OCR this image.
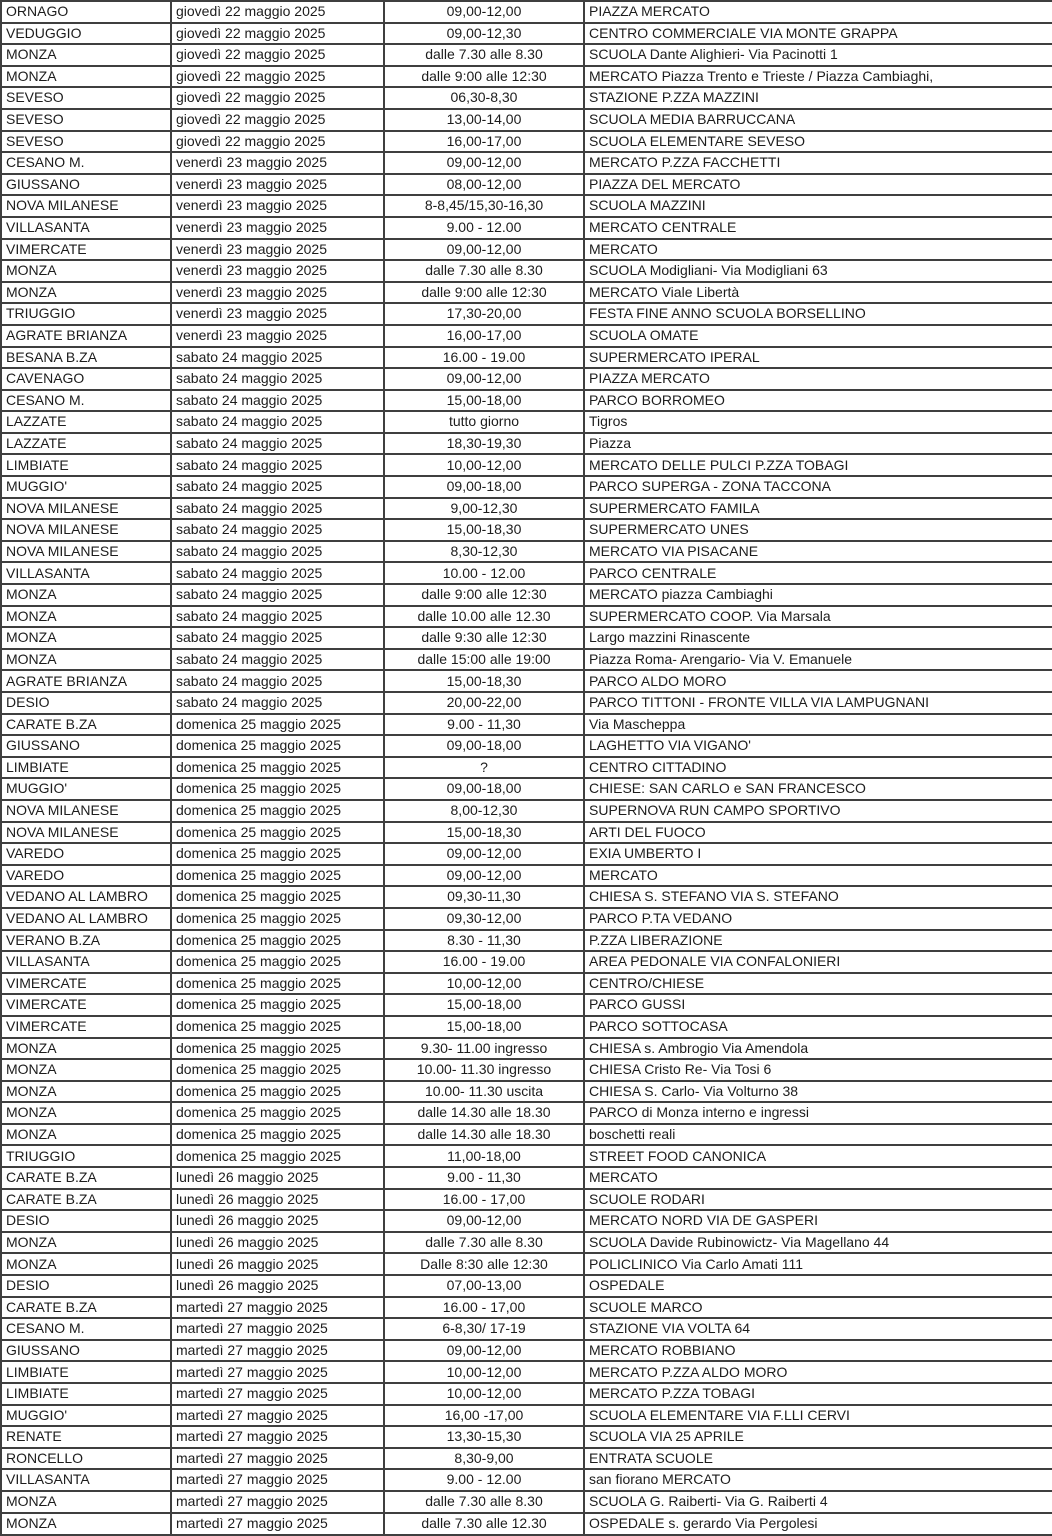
ORNAGO	giovedì 22 maggio 2025	09,00-12,00	PIAZZA MERCATO
VEDUGGIO	giovedì 22 maggio 2025	09,00-12,30	CENTRO COMMERCIALE VIA MONTE GRAPPA
MONZA	giovedì 22 maggio 2025	dalle 7.30 alle 8.30	SCUOLA Dante Alighieri- Via Pacinotti 1
MONZA	giovedì 22 maggio 2025	dalle 9:00 alle 12:30	MERCATO Piazza Trento e Trieste / Piazza Cambiaghi,
SEVESO	giovedì 22 maggio 2025	06,30-8,30	STAZIONE P.ZZA MAZZINI
SEVESO	giovedì 22 maggio 2025	13,00-14,00	SCUOLA MEDIA BARRUCCANA
SEVESO	giovedì 22 maggio 2025	16,00-17,00	SCUOLA ELEMENTARE SEVESO
CESANO M.	venerdì 23 maggio 2025	09,00-12,00	MERCATO P.ZZA FACCHETTI
GIUSSANO	venerdì 23 maggio 2025	08,00-12,00	PIAZZA DEL MERCATO
NOVA MILANESE	venerdì 23 maggio 2025	8-8,45/15,30-16,30	SCUOLA MAZZINI
VILLASANTA	venerdì 23 maggio 2025	9.00 - 12.00	MERCATO CENTRALE
VIMERCATE	venerdì 23 maggio 2025	09,00-12,00	MERCATO
MONZA	venerdì 23 maggio 2025	dalle 7.30 alle 8.30	SCUOLA Modigliani- Via Modigliani 63
MONZA	venerdì 23 maggio 2025	dalle 9:00 alle 12:30	MERCATO Viale Libertà
TRIUGGIO	venerdì 23 maggio 2025	17,30-20,00	FESTA FINE ANNO SCUOLA BORSELLINO
AGRATE BRIANZA	venerdì 23 maggio 2025	16,00-17,00	SCUOLA OMATE
BESANA B.ZA	sabato 24 maggio 2025	16.00 - 19.00	SUPERMERCATO IPERAL
CAVENAGO	sabato 24 maggio 2025	09,00-12,00	PIAZZA MERCATO
CESANO M.	sabato 24 maggio 2025	15,00-18,00	PARCO BORROMEO
LAZZATE	sabato 24 maggio 2025	tutto giorno	Tigros
LAZZATE	sabato 24 maggio 2025	18,30-19,30	Piazza
LIMBIATE	sabato 24 maggio 2025	10,00-12,00	MERCATO DELLE PULCI P.ZZA TOBAGI
MUGGIO'	sabato 24 maggio 2025	09,00-18,00	PARCO SUPERGA - ZONA TACCONA
NOVA MILANESE	sabato 24 maggio 2025	9,00-12,30	SUPERMERCATO FAMILA
NOVA MILANESE	sabato 24 maggio 2025	15,00-18,30	SUPERMERCATO UNES
NOVA MILANESE	sabato 24 maggio 2025	8,30-12,30	MERCATO VIA PISACANE
VILLASANTA	sabato 24 maggio 2025	10.00 - 12.00	PARCO CENTRALE
MONZA	sabato 24 maggio 2025	dalle 9:00 alle 12:30	MERCATO piazza Cambiaghi
MONZA	sabato 24 maggio 2025	dalle 10.00 alle 12.30	SUPERMERCATO COOP. Via Marsala
MONZA	sabato 24 maggio 2025	dalle 9:30 alle 12:30	Largo mazzini Rinascente
MONZA	sabato 24 maggio 2025	dalle 15:00 alle 19:00	Piazza Roma- Arengario- Via V. Emanuele
AGRATE BRIANZA	sabato 24 maggio 2025	15,00-18,30	PARCO ALDO MORO
DESIO	sabato 24 maggio 2025	20,00-22,00	PARCO TITTONI - FRONTE VILLA VIA LAMPUGNANI
CARATE B.ZA	domenica 25 maggio 2025	9.00 - 11,30	Via Mascheppa
GIUSSANO	domenica 25 maggio 2025	09,00-18,00	LAGHETTO VIA VIGANO'
LIMBIATE	domenica 25 maggio 2025	?	CENTRO CITTADINO
MUGGIO'	domenica 25 maggio 2025	09,00-18,00	CHIESE: SAN CARLO e SAN FRANCESCO
NOVA MILANESE	domenica 25 maggio 2025	8,00-12,30	SUPERNOVA RUN CAMPO SPORTIVO
NOVA MILANESE	domenica 25 maggio 2025	15,00-18,30	ARTI DEL FUOCO
VAREDO	domenica 25 maggio 2025	09,00-12,00	EXIA UMBERTO I
VAREDO	domenica 25 maggio 2025	09,00-12,00	MERCATO
VEDANO AL LAMBRO	domenica 25 maggio 2025	09,30-11,30	CHIESA S. STEFANO VIA S. STEFANO
VEDANO AL LAMBRO	domenica 25 maggio 2025	09,30-12,00	PARCO P.TA VEDANO
VERANO B.ZA	domenica 25 maggio 2025	8.30 - 11,30	P.ZZA LIBERAZIONE
VILLASANTA	domenica 25 maggio 2025	16.00 - 19.00	AREA PEDONALE VIA CONFALONIERI
VIMERCATE	domenica 25 maggio 2025	10,00-12,00	CENTRO/CHIESE
VIMERCATE	domenica 25 maggio 2025	15,00-18,00	PARCO GUSSI
VIMERCATE	domenica 25 maggio 2025	15,00-18,00	PARCO SOTTOCASA
MONZA	domenica 25 maggio 2025	9.30- 11.00 ingresso	CHIESA s. Ambrogio Via Amendola
MONZA	domenica 25 maggio 2025	10.00- 11.30 ingresso	CHIESA Cristo Re- Via Tosi 6
MONZA	domenica 25 maggio 2025	10.00- 11.30 uscita	CHIESA S. Carlo- Via Volturno 38
MONZA	domenica 25 maggio 2025	dalle 14.30 alle 18.30	PARCO di Monza interno e ingressi
MONZA	domenica 25 maggio 2025	dalle 14.30 alle 18.30	boschetti reali
TRIUGGIO	domenica 25 maggio 2025	11,00-18,00	STREET FOOD CANONICA
CARATE B.ZA	lunedì 26 maggio 2025	9.00 - 11,30	MERCATO
CARATE B.ZA	lunedì 26 maggio 2025	16.00 - 17,00	SCUOLE RODARI
DESIO	lunedì 26 maggio 2025	09,00-12,00	MERCATO NORD VIA DE GASPERI
MONZA	lunedì 26 maggio 2025	dalle 7.30 alle 8.30	SCUOLA Davide Rubinowictz- Via Magellano 44
MONZA	lunedì 26 maggio 2025	Dalle 8:30 alle 12:30	POLICLINICO Via Carlo Amati 111
DESIO	lunedì 26 maggio 2025	07,00-13,00	OSPEDALE
CARATE B.ZA	martedì 27 maggio 2025	16.00 - 17,00	SCUOLE MARCO
CESANO M.	martedì 27 maggio 2025	6-8,30/ 17-19	STAZIONE VIA VOLTA 64
GIUSSANO	martedì 27 maggio 2025	09,00-12,00	MERCATO ROBBIANO
LIMBIATE	martedì 27 maggio 2025	10,00-12,00	MERCATO P.ZZA ALDO MORO
LIMBIATE	martedì 27 maggio 2025	10,00-12,00	MERCATO P.ZZA TOBAGI
MUGGIO'	martedì 27 maggio 2025	16,00 -17,00	SCUOLA ELEMENTARE VIA F.LLI CERVI
RENATE	martedì 27 maggio 2025	13,30-15,30	SCUOLA VIA 25 APRILE
RONCELLO	martedì 27 maggio 2025	8,30-9,00	ENTRATA SCUOLE
VILLASANTA	martedì 27 maggio 2025	9.00 - 12.00	san fiorano MERCATO
MONZA	martedì 27 maggio 2025	dalle 7.30 alle 8.30	SCUOLA G. Raiberti- Via G. Raiberti 4
MONZA	martedì 27 maggio 2025	dalle 7.30 alle 12.30	OSPEDALE s. gerardo Via Pergolesi
